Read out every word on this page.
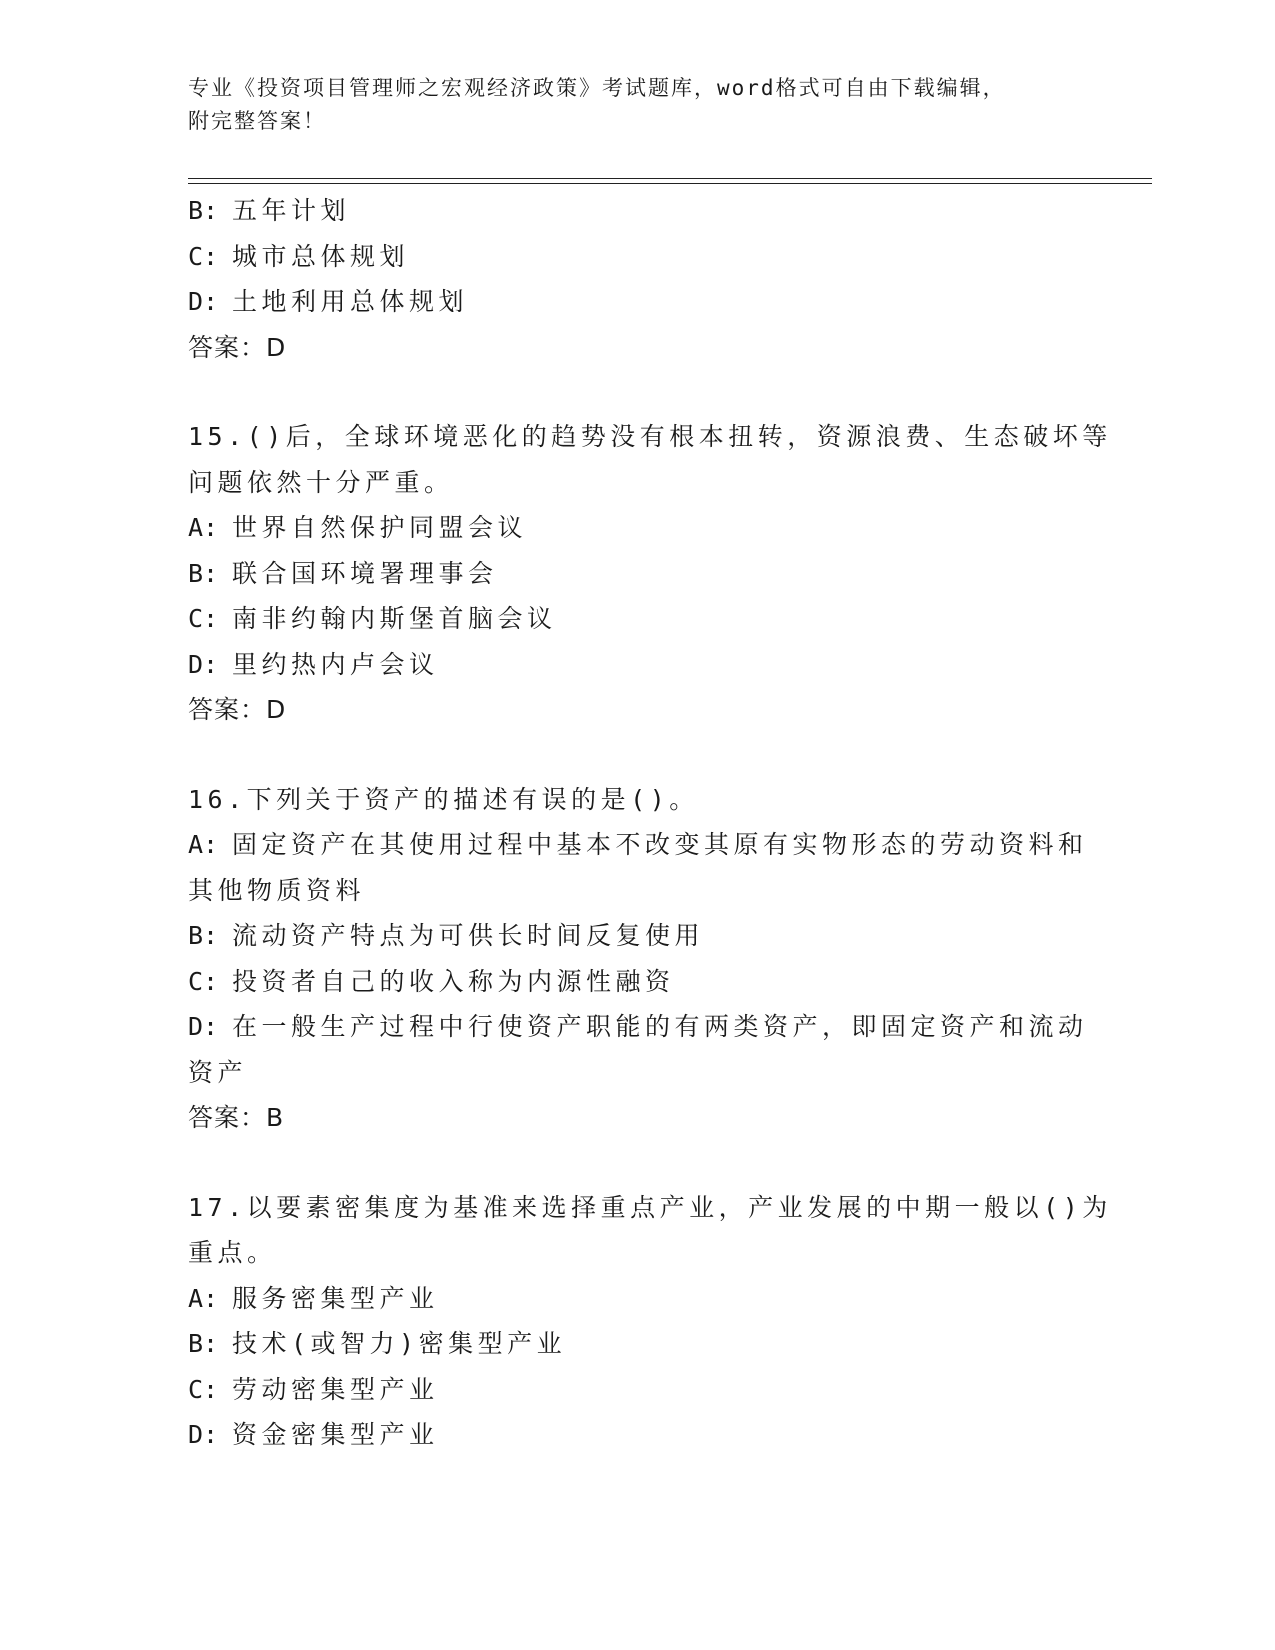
专业《投资项目管理师之宏观经济政策》考试题库，word格式可自由下载编辑，
附完整答案！
B: 五年计划
C: 城市总体规划
D: 土地利用总体规划
答案：D
15.()后，全球环境恶化的趋势没有根本扭转，资源浪费、生态破坏等
问题依然十分严重。
A: 世界自然保护同盟会议
B: 联合国环境署理事会
C: 南非约翰内斯堡首脑会议
D: 里约热内卢会议
答案：D
16.下列关于资产的描述有误的是()。
A: 固定资产在其使用过程中基本不改变其原有实物形态的劳动资料和
其他物质资料
B: 流动资产特点为可供长时间反复使用
C: 投资者自己的收入称为内源性融资
D: 在一般生产过程中行使资产职能的有两类资产，即固定资产和流动
资产
答案：B
17.以要素密集度为基准来选择重点产业，产业发展的中期一般以()为
重点。
A: 服务密集型产业
B: 技术(或智力)密集型产业
C: 劳动密集型产业
D: 资金密集型产业
